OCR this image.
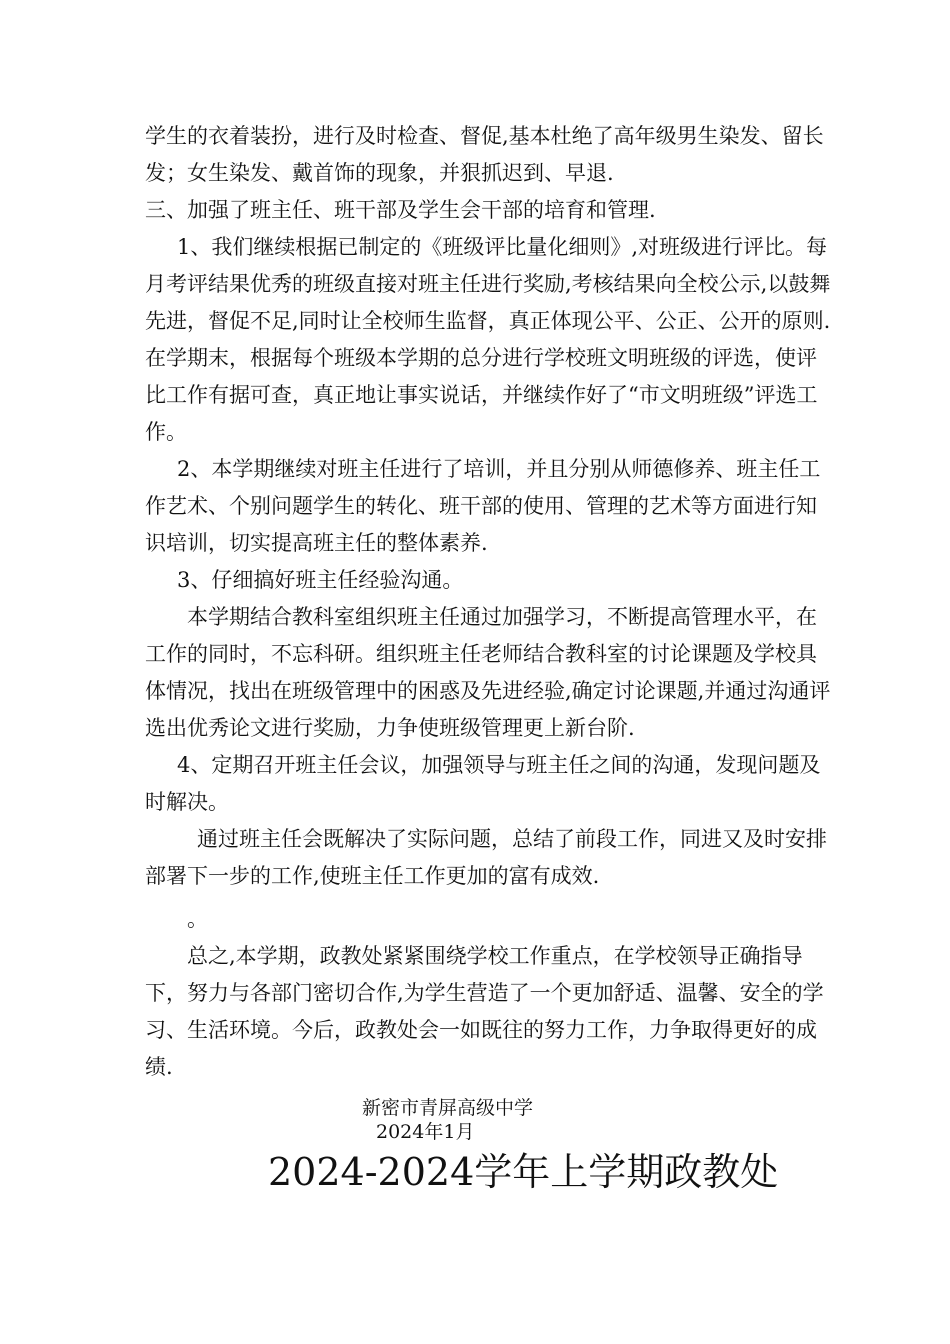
学生的衣着装扮，进行及时检查、督促,基本杜绝了高年级男生染发、留长发；女生染发、戴首饰的现象，并狠抓迟到、早退.

三、加强了班主任、班干部及学生会干部的培育和管理.

1、我们继续根据已制定的《班级评比量化细则》,对班级进行评比。每月考评结果优秀的班级直接对班主任进行奖励,考核结果向全校公示,以鼓舞先进，督促不足,同时让全校师生监督，真正体现公平、公正、公开的原则.在学期末，根据每个班级本学期的总分进行学校班文明班级的评选，使评比工作有据可查，真正地让事实说话，并继续作好了“市文明班级”评选工作。

2、本学期继续对班主任进行了培训，并且分别从师德修养、班主任工作艺术、个别问题学生的转化、班干部的使用、管理的艺术等方面进行知识培训，切实提高班主任的整体素养.

3、仔细搞好班主任经验沟通。

本学期结合教科室组织班主任通过加强学习，不断提高管理水平，在工作的同时，不忘科研。组织班主任老师结合教科室的讨论课题及学校具体情况，找出在班级管理中的困惑及先进经验,确定讨论课题,并通过沟通评选出优秀论文进行奖励，力争使班级管理更上新台阶.

4、定期召开班主任会议，加强领导与班主任之间的沟通，发现问题及时解决。

通过班主任会既解决了实际问题，总结了前段工作，同进又及时安排部署下一步的工作,使班主任工作更加的富有成效.

。

总之,本学期，政教处紧紧围绕学校工作重点，在学校领导正确指导下，努力与各部门密切合作,为学生营造了一个更加舒适、温馨、安全的学习、生活环境。今后，政教处会一如既往的努力工作，力争取得更好的成绩.

新密市青屏高级中学
2024年1月
2024-2024学年上学期政教处
